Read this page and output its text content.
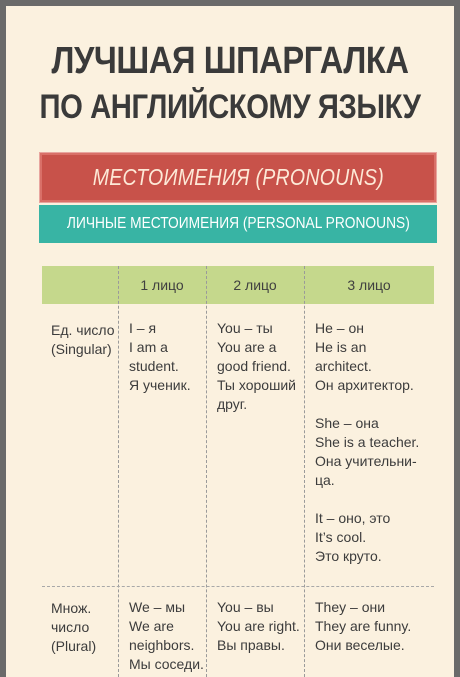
ЛУЧШАЯ ШПАРГАЛКА
ПО АНГЛИЙСКОМУ ЯЗЫКУ
МЕСТОИМЕНИЯ (PRONOUNS)
ЛИЧНЫЕ МЕСТОИМЕНИЯ (PERSONAL PRONOUNS)
1 лицо	2 лицо	3 лицо
Ед. число
(Singular)
I – я
I am a
student.
Я ученик.
You – ты
You are a
good friend.
Ты хороший
друг.
He – он
He is an
architect.
Он архитектор.
She – она
She is a teacher.
Она учительни-
ца.
It – оно, это
It’s cool.
Это круто.
Множ.
число
(Plural)
We – мы
We are
neighbors.
Мы соседи.
You – вы
You are right.
Вы правы.
They – они
They are funny.
Они веселые.
